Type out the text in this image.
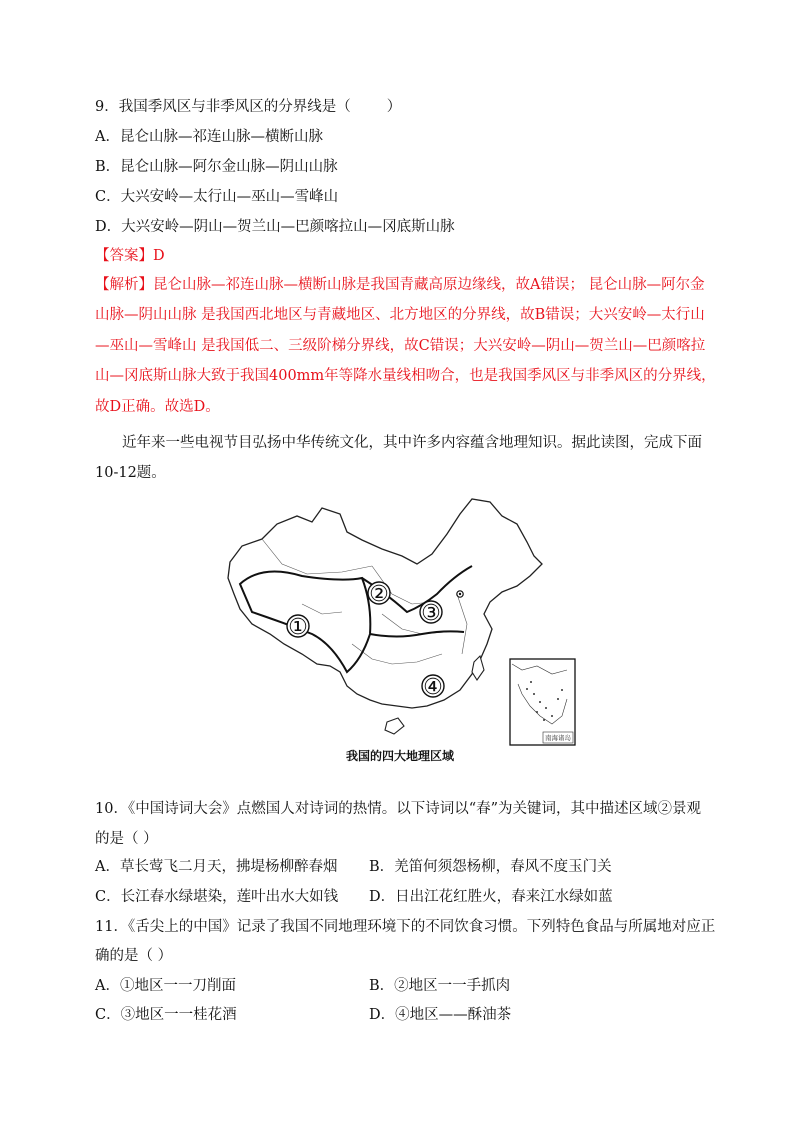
9．我国季风区与非季风区的分界线是（ ）
A．昆仑山脉—祁连山脉—横断山脉
B．昆仑山脉—阿尔金山脉—阴山山脉
C．大兴安岭—太行山—巫山—雪峰山
D．大兴安岭—阴山—贺兰山—巴颜喀拉山—冈底斯山脉
【答案】D
【解析】昆仑山脉—祁连山脉—横断山脉是我国青藏高原边缘线，故A错误； 昆仑山脉—阿尔金
山脉—阴山山脉 是我国西北地区与青藏地区、北方地区的分界线，故B错误；大兴安岭—太行山
—巫山—雪峰山 是我国低二、三级阶梯分界线，故C错误；大兴安岭—阴山—贺兰山—巴颜喀拉
山—冈底斯山脉大致于我国400mm年等降水量线相吻合，也是我国季风区与非季风区的分界线，
故D正确。故选D。
近年来一些电视节目弘扬中华传统文化，其中许多内容蕴含地理知识。据此读图，完成下面
10-12题。
①
②
③
④
南海诸岛
我国的四大地理区域
10．《中国诗词大会》点燃国人对诗词的热情。以下诗词以“春”为关键词，其中描述区域②景观
的是（ ）
A．草长莺飞二月天，拂堤杨柳醉春烟 B．羌笛何须怨杨柳，春风不度玉门关
C．长江春水绿堪染，莲叶出水大如钱 D．日出江花红胜火，春来江水绿如蓝
11．《舌尖上的中国》记录了我国不同地理环境下的不同饮食习惯。下列特色食品与所属地对应正
确的是（ ）
A．①地区一一刀削面	B．②地区一一手抓肉
C．③地区一一桂花酒	D．④地区——酥油茶
